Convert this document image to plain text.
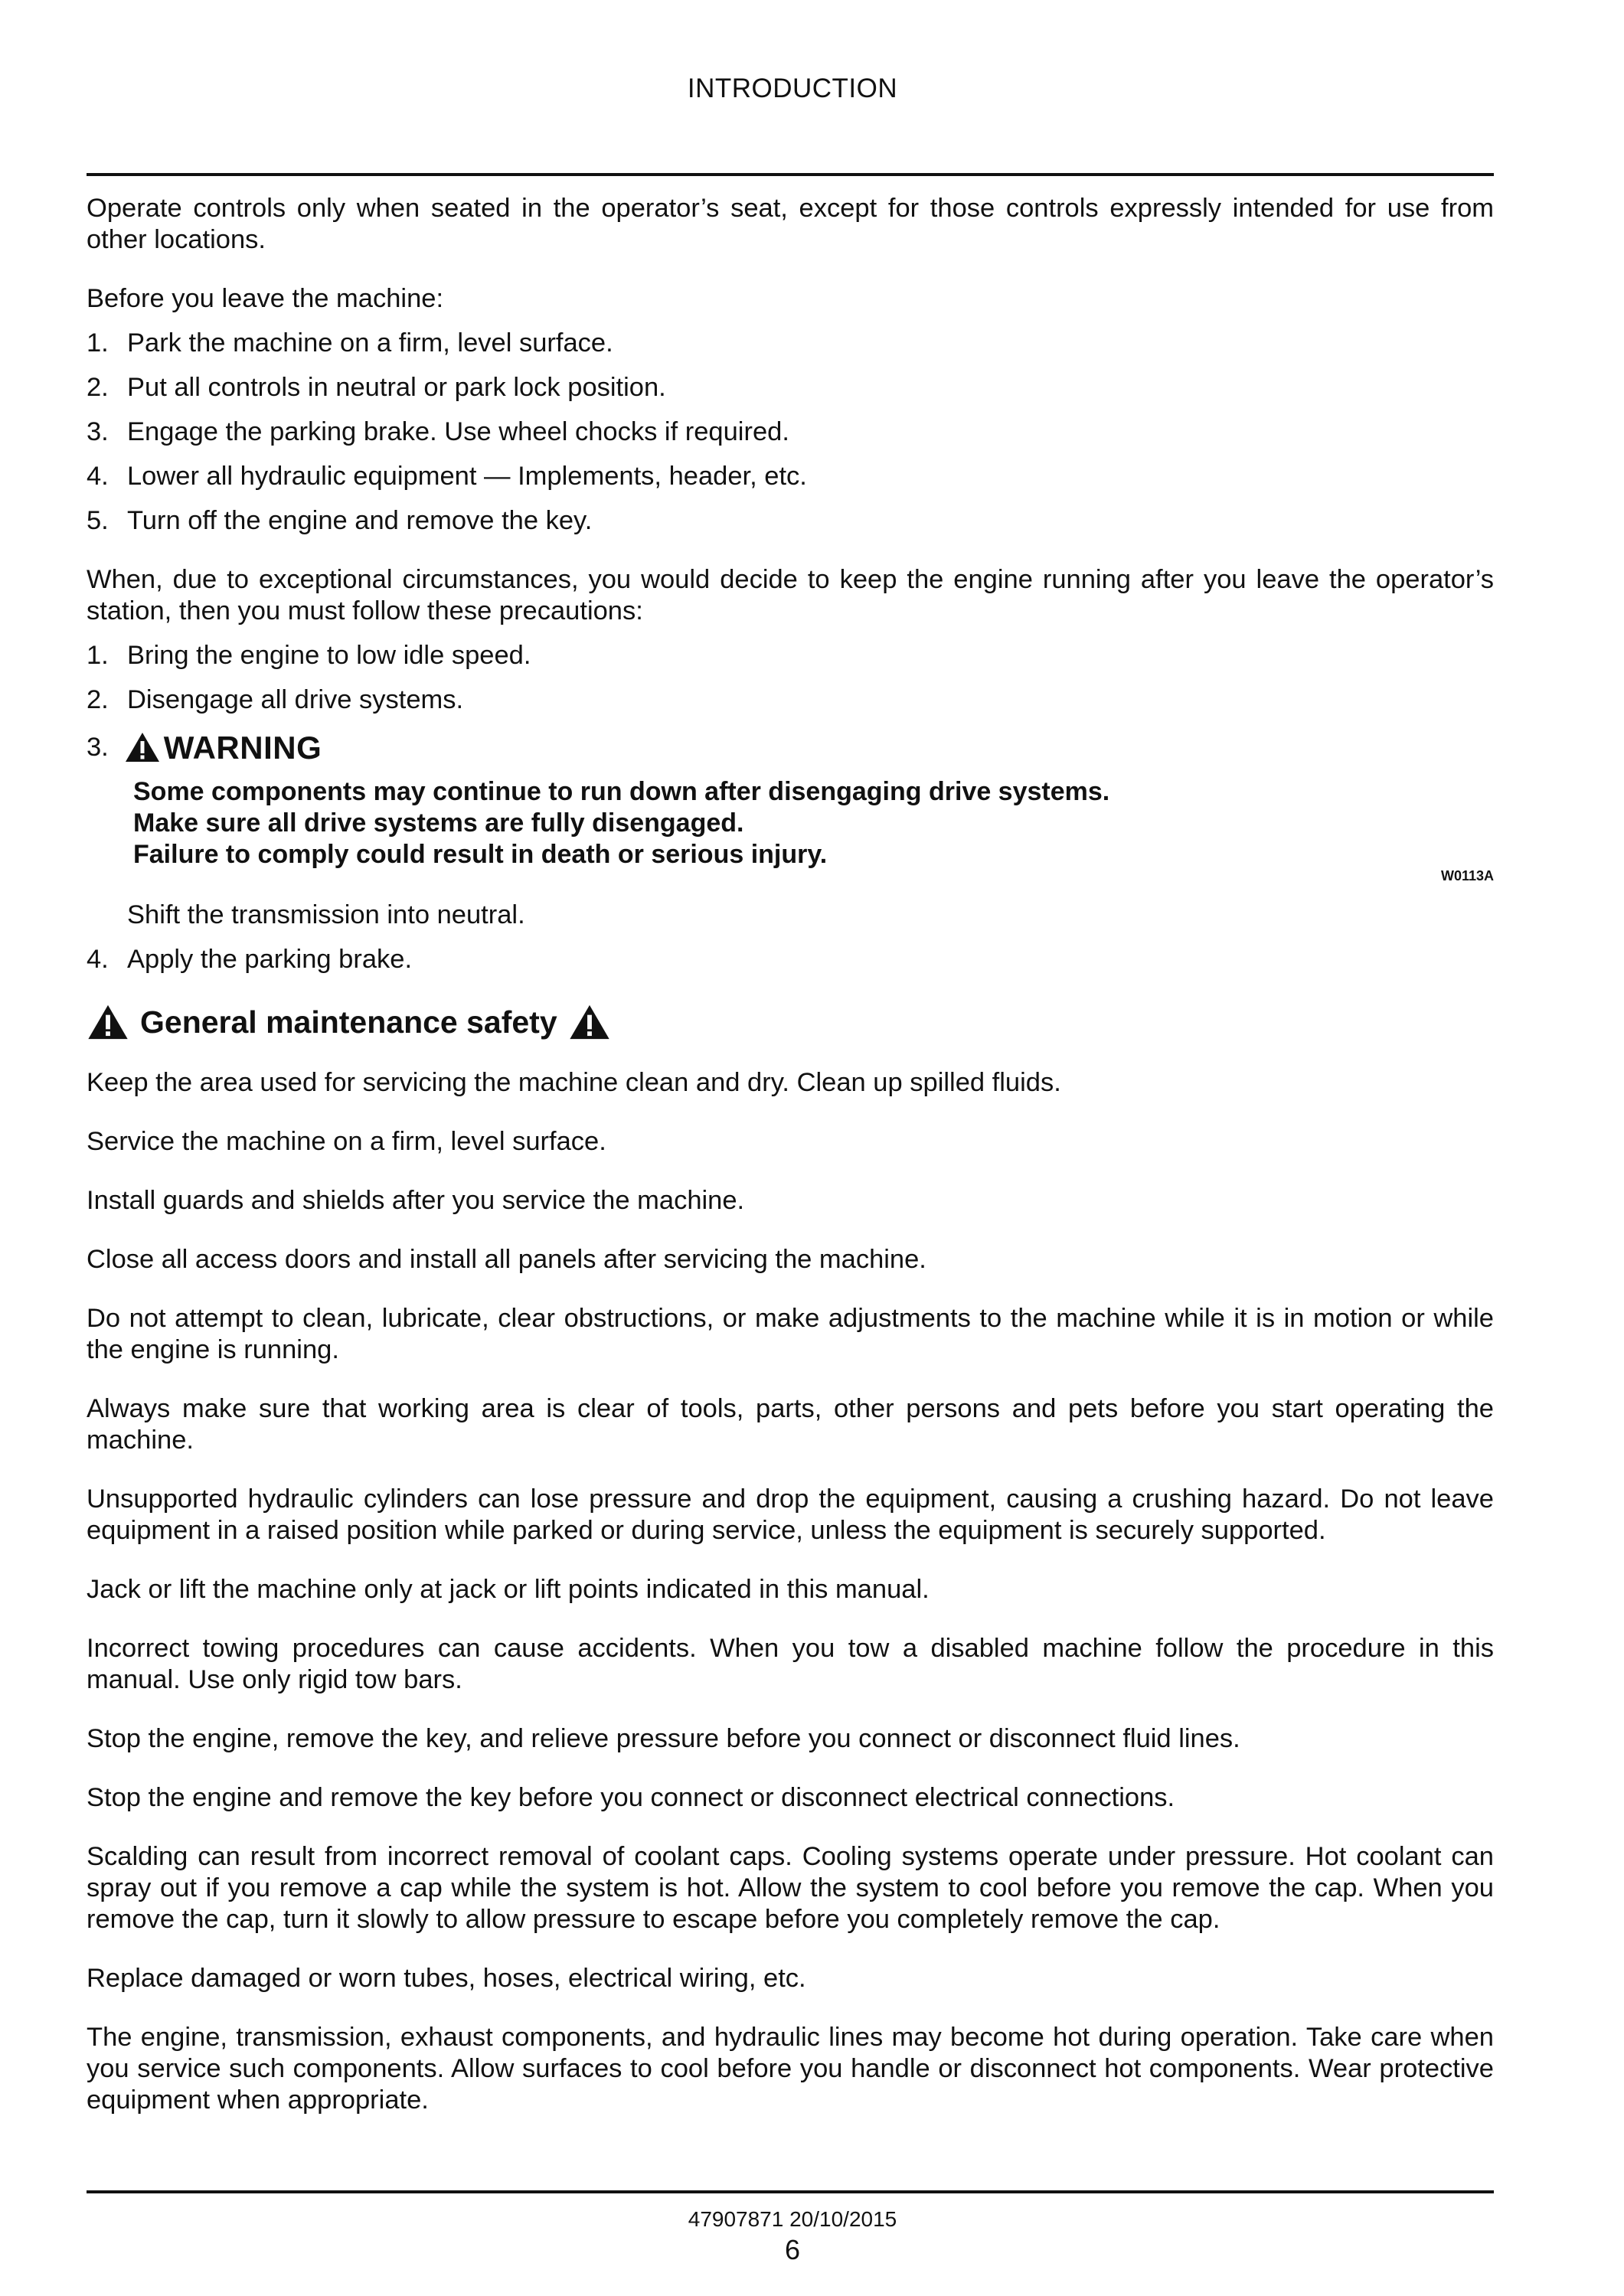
INTRODUCTION

Operate controls only when seated in the operator’s seat, except for those controls expressly intended for use from other locations.

Before you leave the machine:

1. Park the machine on a firm, level surface.
2. Put all controls in neutral or park lock position.
3. Engage the parking brake. Use wheel chocks if required.
4. Lower all hydraulic equipment — Implements, header, etc.
5. Turn off the engine and remove the key.

When, due to exceptional circumstances, you would decide to keep the engine running after you leave the operator’s station, then you must follow these precautions:

1. Bring the engine to low idle speed.
2. Disengage all drive systems.
3. WARNING

Some components may continue to run down after disengaging drive systems.

Make sure all drive systems are fully disengaged.

Failure to comply could result in death or serious injury.

W0113A

Shift the transmission into neutral.

4. Apply the parking brake.
General maintenance safety

Keep the area used for servicing the machine clean and dry. Clean up spilled fluids.

Service the machine on a firm, level surface.

Install guards and shields after you service the machine.

Close all access doors and install all panels after servicing the machine.

Do not attempt to clean, lubricate, clear obstructions, or make adjustments to the machine while it is in motion or while the engine is running.

Always make sure that working area is clear of tools, parts, other persons and pets before you start operating the machine.

Unsupported hydraulic cylinders can lose pressure and drop the equipment, causing a crushing hazard. Do not leave equipment in a raised position while parked or during service, unless the equipment is securely supported.

Jack or lift the machine only at jack or lift points indicated in this manual.

Incorrect towing procedures can cause accidents. When you tow a disabled machine follow the procedure in this manual. Use only rigid tow bars.

Stop the engine, remove the key, and relieve pressure before you connect or disconnect fluid lines.

Stop the engine and remove the key before you connect or disconnect electrical connections.

Scalding can result from incorrect removal of coolant caps. Cooling systems operate under pressure. Hot coolant can spray out if you remove a cap while the system is hot. Allow the system to cool before you remove the cap. When you remove the cap, turn it slowly to allow pressure to escape before you completely remove the cap.

Replace damaged or worn tubes, hoses, electrical wiring, etc.

The engine, transmission, exhaust components, and hydraulic lines may become hot during operation. Take care when you service such components. Allow surfaces to cool before you handle or disconnect hot components. Wear protective equipment when appropriate.

47907871 20/10/2015
6
